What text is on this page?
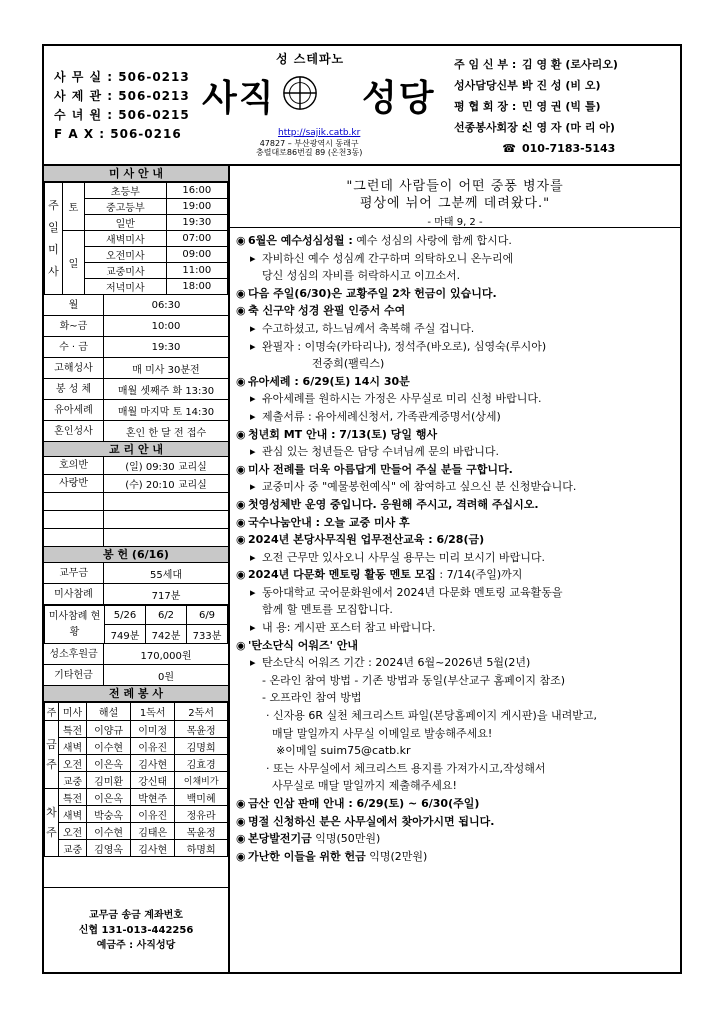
사 무 실 : 506-0213
사 제 관 : 506-0213
수 녀 원 : 506-0215
F A X : 506-0216
성 스테파노
사직 성당
http://sajik.catb.kr
47827 – 부산광역시 동래구
충렬대로86번길 89 (온천3동)
주 임 신 부 : 김 영 환 (로사리오)
성사담당신부 :박 진 성 (비 오)
평 협 회 장 : 민 영 권 (빅 틀)
선종봉사회장 :신 영 자 (마 리 아)
☎ 010-7183-5143
미 사 안 내
주 일 미 사	토	초등부	16:00
		중고등부	19:00
		일반	19:30
	일	새벽미사	07:00
		오전미사	09:00
		교중미사	11:00
		저녁미사	18:00
월	06:30
화~금	10:00
수 · 금	19:30
고해성사	매 미사 30분전
봉 성 체	매월 셋째주 화 13:30
유아세례	매월 마지막 토 14:30
혼인성사	혼인 한 달 전 접수
교 리 안 내
호의반	(일) 09:30 교리실
사랑반	(수) 20:10 교리실
봉 헌 (6/16)
교무금	55세대
미사참례	717분
미사참례 현황	5/26	6/2	6/9
	749분	742분	733분
성소후원금	170,000원
기타헌금	0원
전 례 봉 사
주	미사	해설	1독서	2독서
금 주	특전	이양규	이미정	목윤정
	새벽	이수현	이유진	김명희
	오전	이은옥	김사현	김효경
	교중	김미환	강신태	이채비가
차 주	특전	이은옥	박현주	백미혜
	새벽	박숭옥	이유진	정유라
	오전	이수현	김태은	목윤정
	교중	김영옥	김사현	하명희
교무금 송금 계좌번호
신협 131-013-442256
예금주 : 사직성당
"그런데 사람들이 어떤 중풍 병자를
평상에 뉘어 그분께 데려왔다."
- 마태 9, 2 -
◉ 6월은 예수성심성월 : 예수 성심의 사랑에 함께 합시다.
▸ 자비하신 예수 성심께 간구하며 의탁하오니 온누리에
당신 성심의 자비를 허락하시고 이끄소서.
◉ 다음 주일(6/30)은 교황주일 2차 헌금이 있습니다.
◉ 축 신구약 성경 완필 인증서 수여
▸ 수고하셨고, 하느님께서 축복해 주실 겁니다.
▸ 완필자 : 이명숙(카타리나), 정석주(바오로), 심영숙(루시아)
전중희(팰릭스)
◉ 유아세례 : 6/29(토) 14시 30분
▸ 유아세례를 원하시는 가정은 사무실로 미리 신청 바랍니다.
▸ 제출서류 : 유아세례신청서, 가족관계증명서(상세)
◉ 청년회 MT 안내 : 7/13(토) 당일 행사
▸ 관심 있는 청년들은 담당 수녀님께 문의 바랍니다.
◉ 미사 전례를 더욱 아름답게 만들어 주실 분들 구합니다.
▸ 교중미사 중 "예물봉헌예식" 에 참여하고 싶으신 분 신청받습니다.
◉ 첫영성체반 운영 중입니다. 응원해 주시고, 격려해 주십시오.
◉ 국수나눔안내 : 오늘 교중 미사 후
◉ 2024년 본당사무직원 업무전산교육 : 6/28(금)
▸ 오전 근무만 있사오니 사무실 용무는 미리 보시기 바랍니다.
◉ 2024년 다문화 멘토링 활동 멘토 모집 : 7/14(주일)까지
▸ 동아대학교 국어문화원에서 2024년 다문화 멘토링 교육활동을
함께 할 멘토를 모집합니다.
▸ 내 용: 게시판 포스터 참고 바랍니다.
◉ '탄소단식 어워즈' 안내
▸ 탄소단식 어워즈 기간 : 2024년 6월~2026년 5월(2년)
- 온라인 참여 방법 - 기존 방법과 동일(부산교구 홈페이지 참조)
- 오프라인 참여 방법
· 신자용 6R 실천 체크리스트 파일(본당홈페이지 게시판)을 내려받고,
매달 말일까지 사무실 이메일로 발송해주세요!
※이메일 suim75@catb.kr
· 또는 사무실에서 체크리스트 용지를 가져가시고,작성해서
사무실로 매달 말일까지 제출해주세요!
◉ 금산 인삼 판매 안내 : 6/29(토) ~ 6/30(주일)
◉ 명절 신청하신 분은 사무실에서 찾아가시면 됩니다.
◉ 본당발전기금 익명(50만원)
◉ 가난한 이들을 위한 헌금 익명(2만원)
